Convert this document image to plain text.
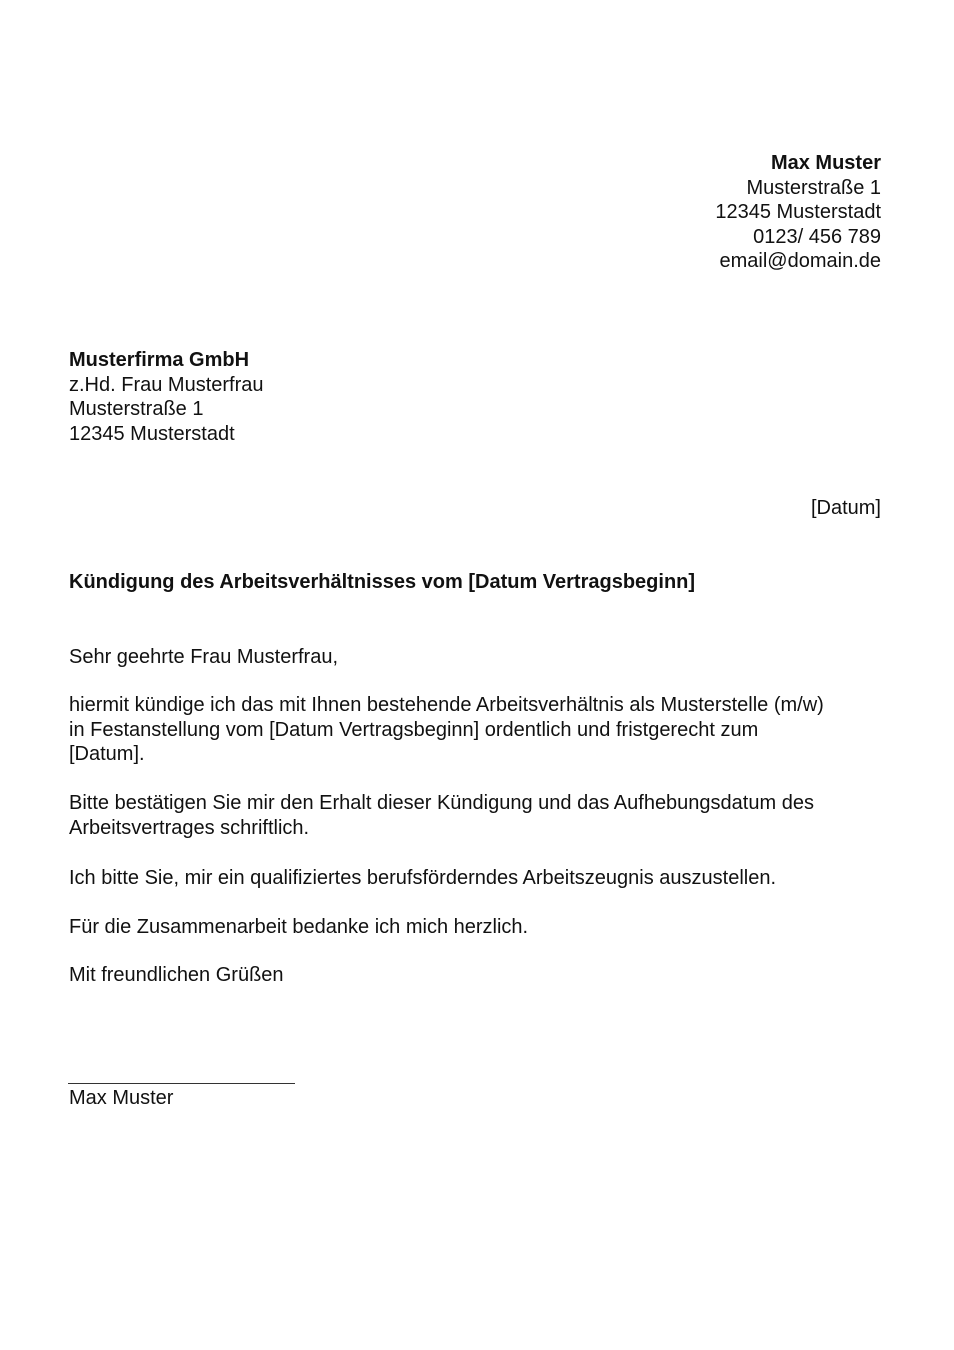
Max Muster
Musterstraße 1
12345 Musterstadt
0123/ 456 789
email@domain.de
Musterfirma GmbH
z.Hd. Frau Musterfrau
Musterstraße 1
12345 Musterstadt
[Datum]
Kündigung des Arbeitsverhältnisses vom [Datum Vertragsbeginn]
Sehr geehrte Frau Musterfrau,
hiermit kündige ich das mit Ihnen bestehende Arbeitsverhältnis als Musterstelle (m/w)
in Festanstellung vom [Datum Vertragsbeginn] ordentlich und fristgerecht zum
[Datum].
Bitte bestätigen Sie mir den Erhalt dieser Kündigung und das Aufhebungsdatum des
Arbeitsvertrages schriftlich.
Ich bitte Sie, mir ein qualifiziertes berufsförderndes Arbeitszeugnis auszustellen.
Für die Zusammenarbeit bedanke ich mich herzlich.
Mit freundlichen Grüßen
Max Muster
